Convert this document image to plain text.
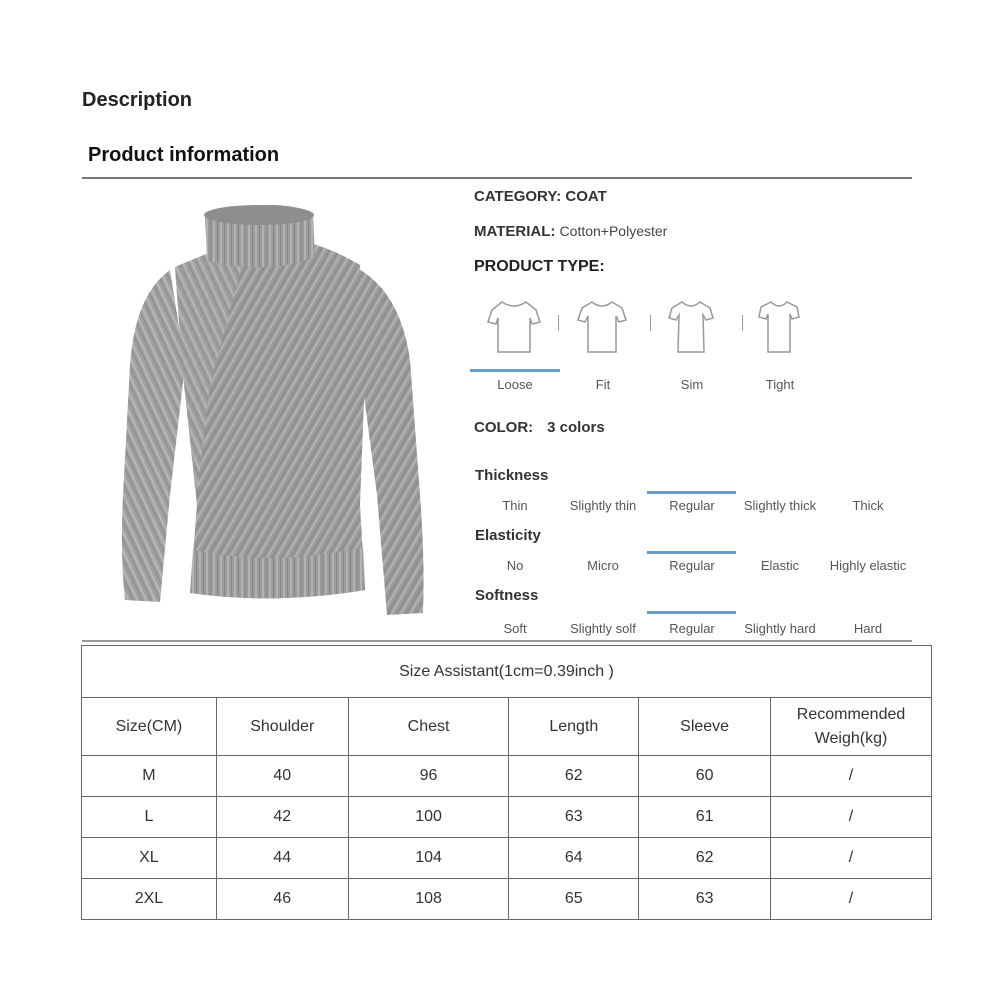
Description
Product information
CATEGORY: COAT
MATERIAL: Cotton+Polyester
PRODUCT TYPE:
Loose	Fit	Sim	Tight
COLOR: 3 colors
Thickness
Thin	Slightly thin	Regular	Slightly thick	Thick
Elasticity
No	Micro	Regular	Elastic	Highly elastic
Softness
Soft	Slightly solf	Regular	Slightly hard	Hard
Size Assistant(1cm=0.39inch )					
Size(CM)	Shoulder	Chest	Length	Sleeve	Recommended Weigh(kg)
M	40	96	62	60	/
L	42	100	63	61	/
XL	44	104	64	62	/
2XL	46	108	65	63	/
